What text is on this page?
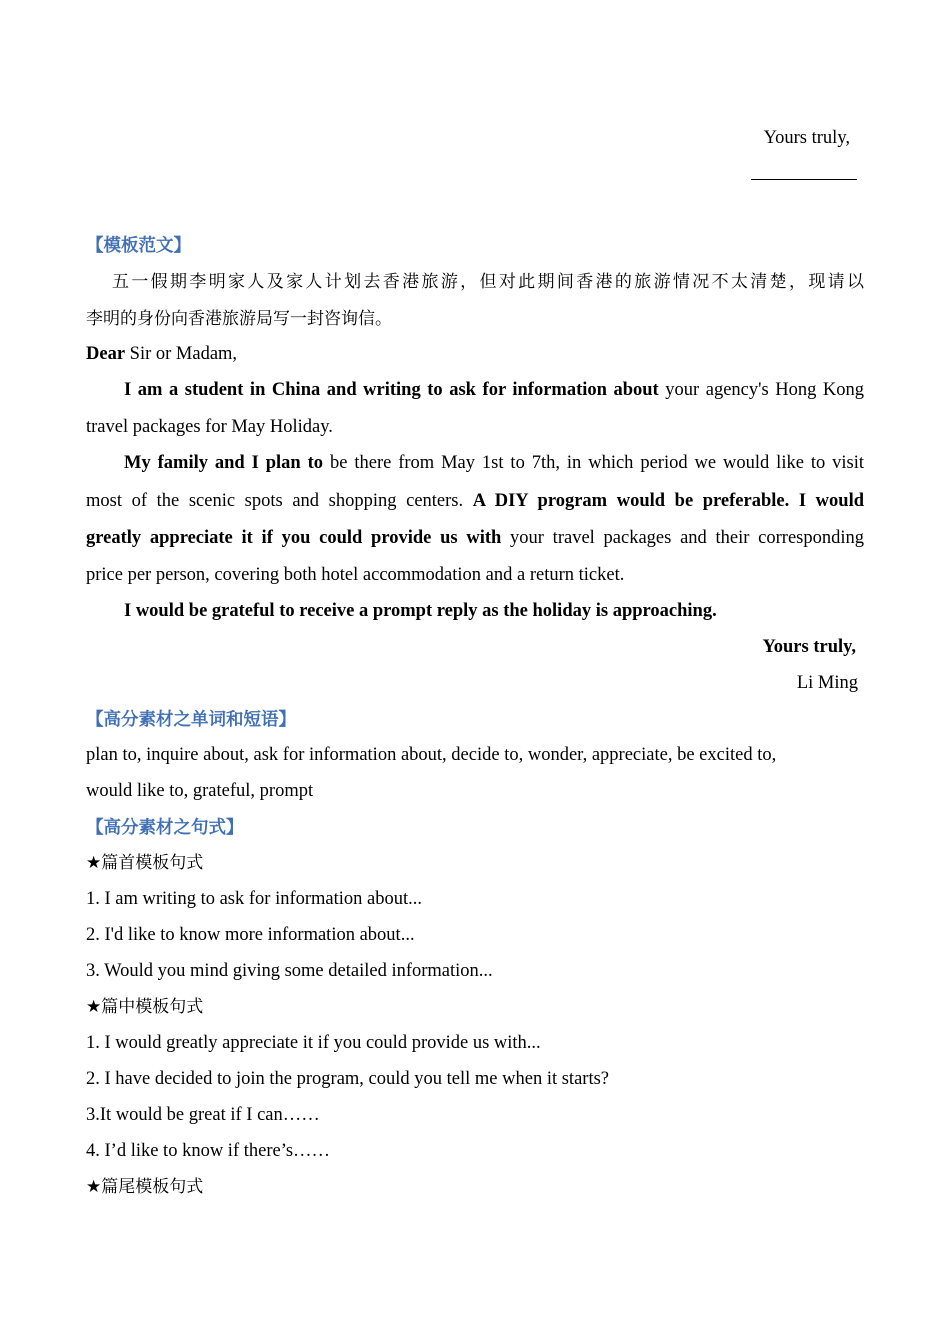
Yours truly,
【模板范文】
五一假期李明家人及家人计划去香港旅游，但对此期间香港的旅游情况不太清楚，现请以
李明的身份向香港旅游局写一封咨询信。
Dear Sir or Madam,
I am a student in China and writing to ask for information about your agency's Hong Kong
travel packages for May Holiday.
My family and I plan to be there from May 1st to 7th, in which period we would like to visit
most of the scenic spots and shopping centers. A DIY program would be preferable. I would
greatly appreciate it if you could provide us with your travel packages and their corresponding
price per person, covering both hotel accommodation and a return ticket.
I would be grateful to receive a prompt reply as the holiday is approaching.
Yours truly,
Li Ming
【高分素材之单词和短语】
plan to, inquire about, ask for information about, decide to, wonder, appreciate, be excited to,
would like to, grateful, prompt
【高分素材之句式】
★篇首模板句式
1. I am writing to ask for information about...
2. I'd like to know more information about...
3. Would you mind giving some detailed information...
★篇中模板句式
1. I would greatly appreciate it if you could provide us with...
2. I have decided to join the program, could you tell me when it starts?
3.It would be great if I can……
4. I’d like to know if there’s……
★篇尾模板句式
